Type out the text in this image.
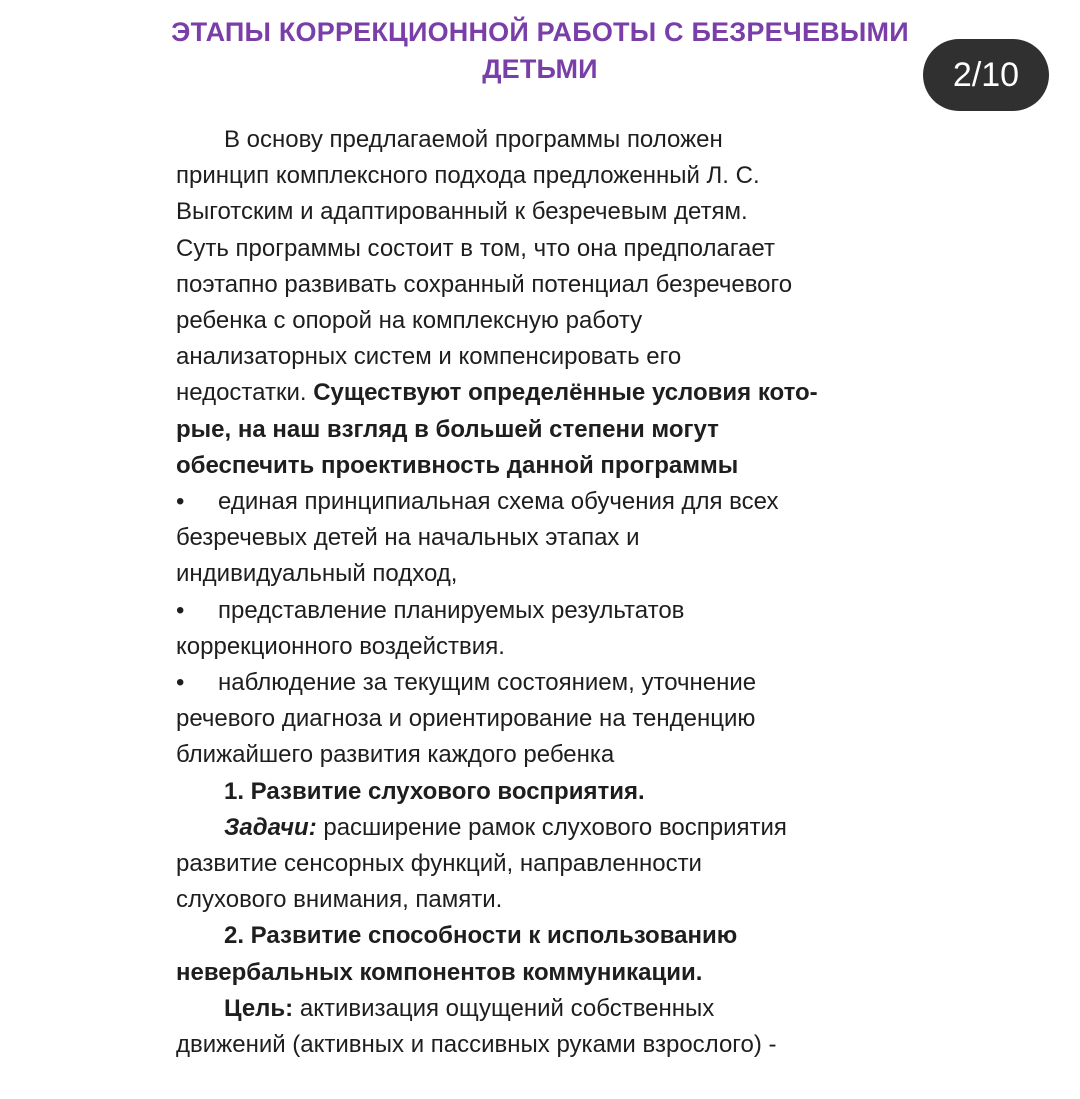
ЭТАПЫ КОРРЕКЦИОННОЙ РАБОТЫ С БЕЗРЕЧЕВЫМИ
ДЕТЬМИ	2/10

В основу предлагаемой программы положен

принцип комплексного подхода предложенный Л. С.

Выготским и адаптированный к безречевым детям.

Суть программы состоит в том, что она предполагает

поэтапно развивать сохранный потенциал безречевого

ребенка с опорой на комплексную работу

анализаторных систем и компенсировать его

недостатки. Существуют определённые условия кото-

рые, на наш взгляд в большей степени могут

обеспечить проективность данной программы

• единая принципиальная схема обучения для всех

безречевых детей на начальных этапах и

индивидуальный подход,

• представление планируемых результатов

коррекционного воздействия.

• наблюдение за текущим состоянием, уточнение

речевого диагноза и ориентирование на тенденцию

ближайшего развития каждого ребенка

1. Развитие слухового восприятия.

Задачи: расширение рамок слухового восприятия

развитие сенсорных функций, направленности

слухового внимания, памяти.

2. Развитие способности к использованию

невербальных компонентов коммуникации.

Цель: активизация ощущений собственных

движений (активных и пассивных руками взрослого) -
